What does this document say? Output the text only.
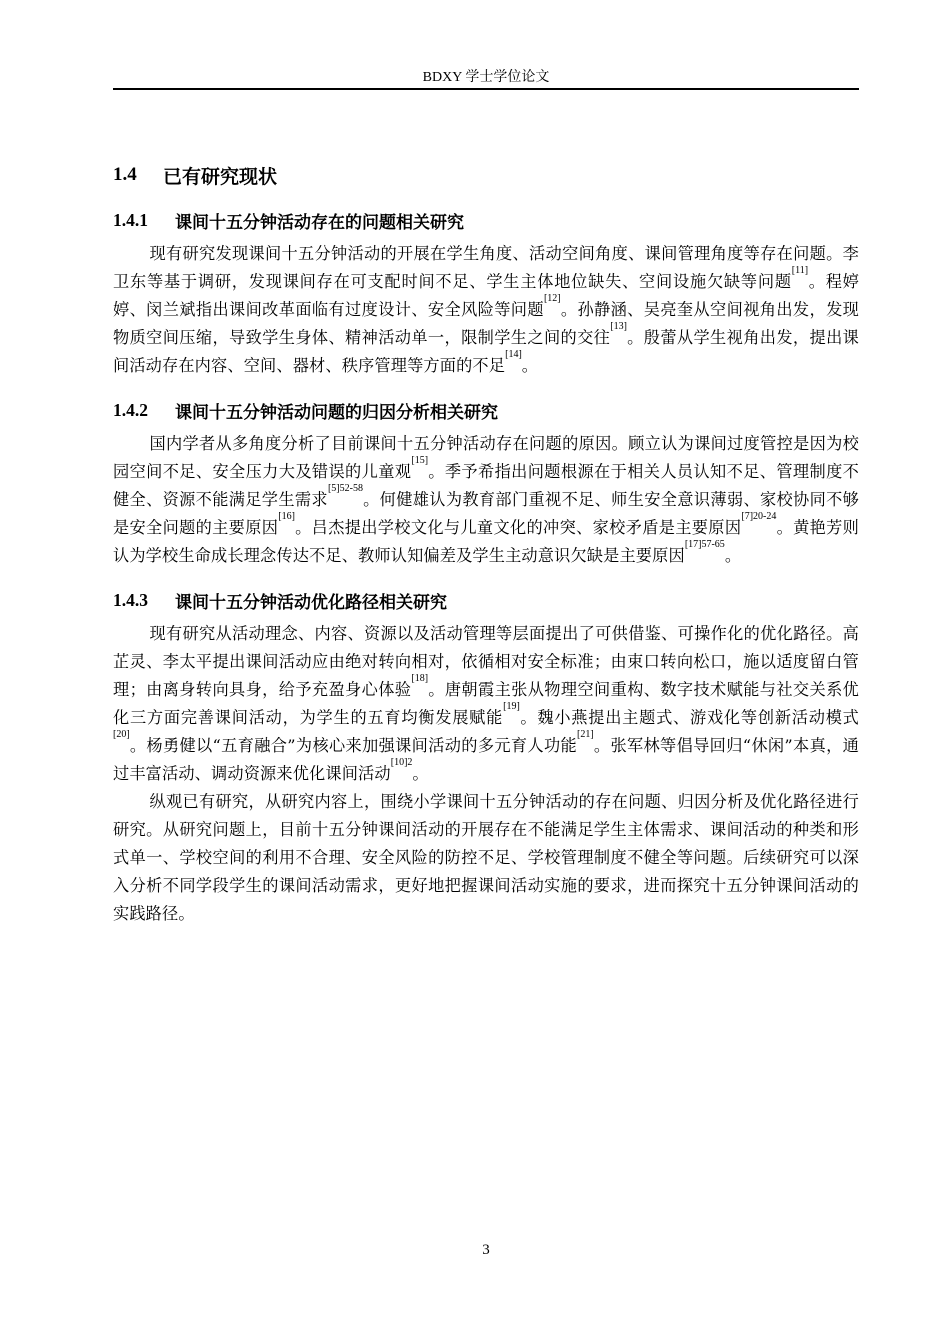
BDXY 学士学位论文
1.4	已有研究现状
1.4.1	课间十五分钟活动存在的问题相关研究

现有研究发现课间十五分钟活动的开展在学生角度、活动空间角度、课间管理角度等存在问题。李卫东等基于调研，发现课间存在可支配时间不足、学生主体地位缺失、空间设施欠缺等问题[11]。程婷婷、闵兰斌指出课间改革面临有过度设计、安全风险等问题[12]。孙静涵、吴亮奎从空间视角出发，发现物质空间压缩，导致学生身体、精神活动单一，限制学生之间的交往[13]。殷蕾从学生视角出发，提出课间活动存在内容、空间、器材、秩序管理等方面的不足[14]。

1.4.2	课间十五分钟活动问题的归因分析相关研究

国内学者从多角度分析了目前课间十五分钟活动存在问题的原因。顾立认为课间过度管控是因为校园空间不足、安全压力大及错误的儿童观[15]。季予希指出问题根源在于相关人员认知不足、管理制度不健全、资源不能满足学生需求$^{[5]52-58}$。何健雄认为教育部门重视不足、师生安全意识薄弱、家校协同不够是安全问题的主要原因[16]。吕杰提出学校文化与儿童文化的冲突、家校矛盾是主要原因$^{[7]20-24}$。黄艳芳则认为学校生命成长理念传达不足、教师认知偏差及学生主动意识欠缺是主要原因$^{[17]57-65}$。

1.4.3	课间十五分钟活动优化路径相关研究

现有研究从活动理念、内容、资源以及活动管理等层面提出了可供借鉴、可操作化的优化路径。高芷灵、李太平提出课间活动应由绝对转向相对，依循相对安全标准；由束口转向松口，施以适度留白管理；由离身转向具身，给予充盈身心体验[18]。唐朝霞主张从物理空间重构、数字技术赋能与社交关系优化三方面完善课间活动，为学生的五育均衡发展赋能[19]。魏小燕提出主题式、游戏化等创新活动模式[20]。杨勇健以“五育融合”为核心来加强课间活动的多元育人功能[21]。张军林等倡导回归“休闲”本真，通过丰富活动、调动资源来优化课间活动$^{[10]2}$。

纵观已有研究，从研究内容上，围绕小学课间十五分钟活动的存在问题、归因分析及优化路径进行研究。从研究问题上，目前十五分钟课间活动的开展存在不能满足学生主体需求、课间活动的种类和形式单一、学校空间的利用不合理、安全风险的防控不足、学校管理制度不健全等问题。后续研究可以深入分析不同学段学生的课间活动需求，更好地把握课间活动实施的要求，进而探究十五分钟课间活动的实践路径。

3
